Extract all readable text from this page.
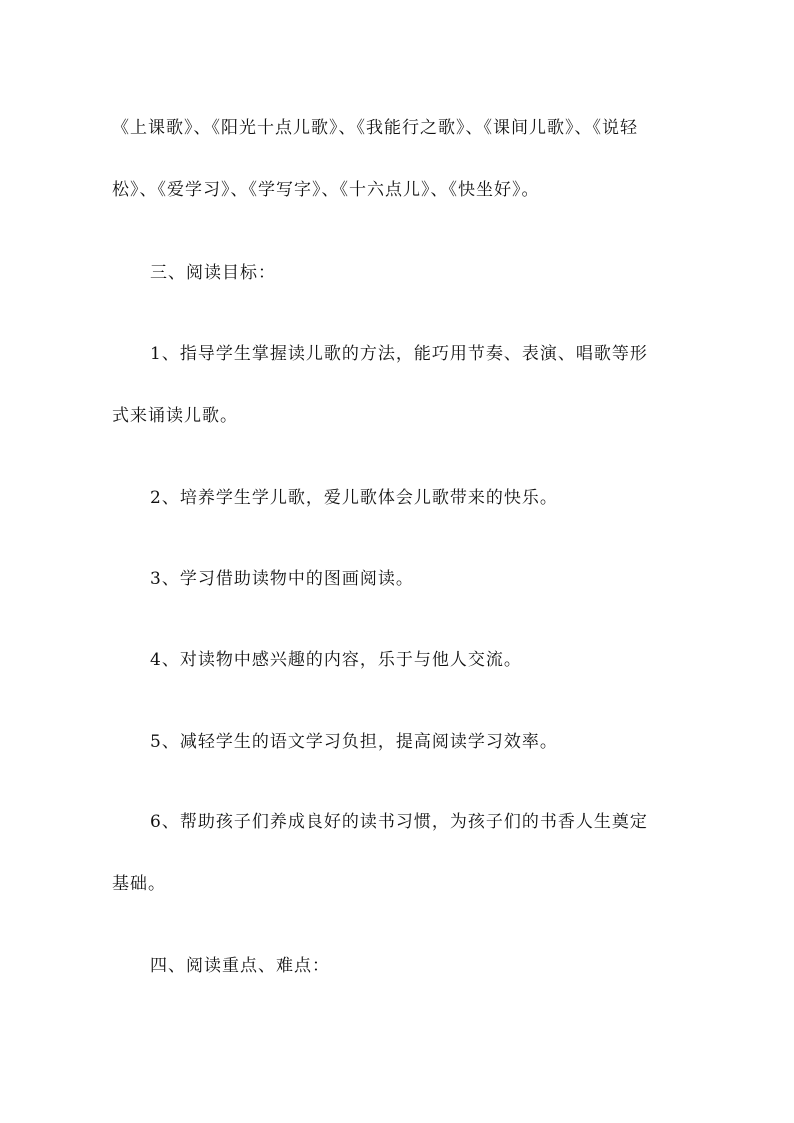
《上课歌》、《阳光十点儿歌》、《我能行之歌》、《课间儿歌》、《说轻
松》、《爱学习》、《学写字》、《十六点儿》、《快坐好》。
三、阅读目标：
1、指导学生掌握读儿歌的方法，能巧用节奏、表演、唱歌等形
式来诵读儿歌。
2、培养学生学儿歌，爱儿歌体会儿歌带来的快乐。
3、学习借助读物中的图画阅读。
4、对读物中感兴趣的内容，乐于与他人交流。
5、减轻学生的语文学习负担，提高阅读学习效率。
6、帮助孩子们养成良好的读书习惯，为孩子们的书香人生奠定
基础。
四、阅读重点、难点：
